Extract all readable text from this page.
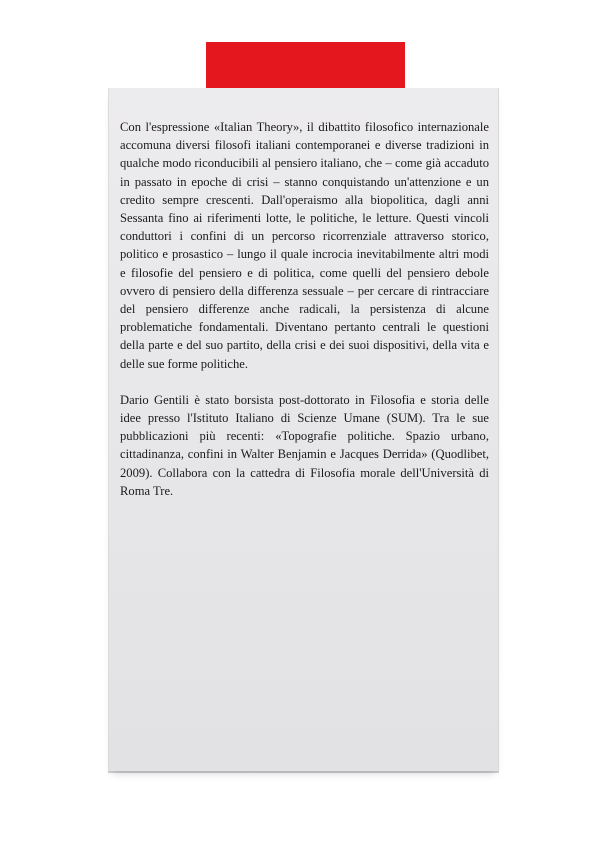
Con l'espressione «Italian Theory», il dibattito filosofico internazionale accomuna diversi filosofi italiani contemporanei e diverse tradizioni in qualche modo riconducibili al pensiero italiano, che – come già accaduto in passato in epoche di crisi – stanno conquistando un'attenzione e un credito sempre crescenti. Dall'operaismo alla biopolitica, dagli anni Sessanta fino ai riferimenti lotte, le politiche, le letture. Questi vincoli conduttori i confini di un percorso ricorrenziale attraverso storico, politico e prosastico – lungo il quale incrocia inevitabilmente altri modi e filosofie del pensiero e di politica, come quelli del pensiero debole ovvero di pensiero della differenza sessuale – per cercare di rintracciare del pensiero differenze anche radicali, la persistenza di alcune problematiche fondamentali. Diventano pertanto centrali le questioni della parte e del suo partito, della crisi e dei suoi dispositivi, della vita e delle sue forme politiche.

Dario Gentili è stato borsista post-dottorato in Filosofia e storia delle idee presso l'Istituto Italiano di Scienze Umane (SUM). Tra le sue pubblicazioni più recenti: «Topografie politiche. Spazio urbano, cittadinanza, confini in Walter Benjamin e Jacques Derrida» (Quodlibet, 2009). Collabora con la cattedra di Filosofia morale dell'Università di Roma Tre.
